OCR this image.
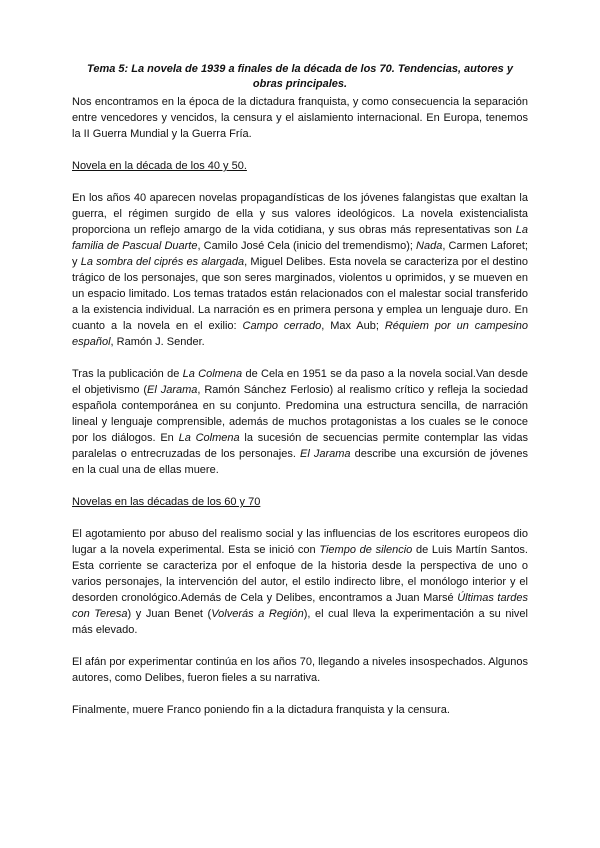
Tema 5: La novela de 1939 a finales de la década de los 70. Tendencias, autores y obras principales.

Nos encontramos en la época de la dictadura franquista, y como consecuencia la separación entre vencedores y vencidos, la censura y el aislamiento internacional. En Europa, tenemos la II Guerra Mundial y la Guerra Fría.

Novela en la década de los 40 y 50.

En los años 40 aparecen novelas propagandísticas de los jóvenes falangistas que exaltan la guerra, el régimen surgido de ella y sus valores ideológicos. La novela existencialista proporciona un reflejo amargo de la vida cotidiana, y sus obras más representativas son La familia de Pascual Duarte, Camilo José Cela (inicio del tremendismo); Nada, Carmen Laforet; y La sombra del ciprés es alargada, Miguel Delibes. Esta novela se caracteriza por el destino trágico de los personajes, que son seres marginados, violentos u oprimidos, y se mueven en un espacio limitado. Los temas tratados están relacionados con el malestar social transferido a la existencia individual. La narración es en primera persona y emplea un lenguaje duro. En cuanto a la novela en el exilio: Campo cerrado, Max Aub; Réquiem por un campesino español, Ramón J. Sender.

Tras la publicación de La Colmena de Cela en 1951 se da paso a la novela social.Van desde el objetivismo (El Jarama, Ramón Sánchez Ferlosio) al realismo crítico y refleja la sociedad española contemporánea en su conjunto. Predomina una estructura sencilla, de narración lineal y lenguaje comprensible, además de muchos protagonistas a los cuales se le conoce por los diálogos. En La Colmena la sucesión de secuencias permite contemplar las vidas paralelas o entrecruzadas de los personajes. El Jarama describe una excursión de jóvenes en la cual una de ellas muere.

Novelas en las décadas de los 60 y 70

El agotamiento por abuso del realismo social y las influencias de los escritores europeos dio lugar a la novela experimental. Esta se inició con Tiempo de silencio de Luis Martín Santos. Esta corriente se caracteriza por el enfoque de la historia desde la perspectiva de uno o varios personajes, la intervención del autor, el estilo indirecto libre, el monólogo interior y el desorden cronológico.Además de Cela y Delibes, encontramos a Juan Marsé Últimas tardes con Teresa) y Juan Benet (Volverás a Región), el cual lleva la experimentación a su nivel más elevado.

El afán por experimentar continúa en los años 70, llegando a niveles insospechados. Algunos autores, como Delibes, fueron fieles a su narrativa.

Finalmente, muere Franco poniendo fin a la dictadura franquista y la censura.
